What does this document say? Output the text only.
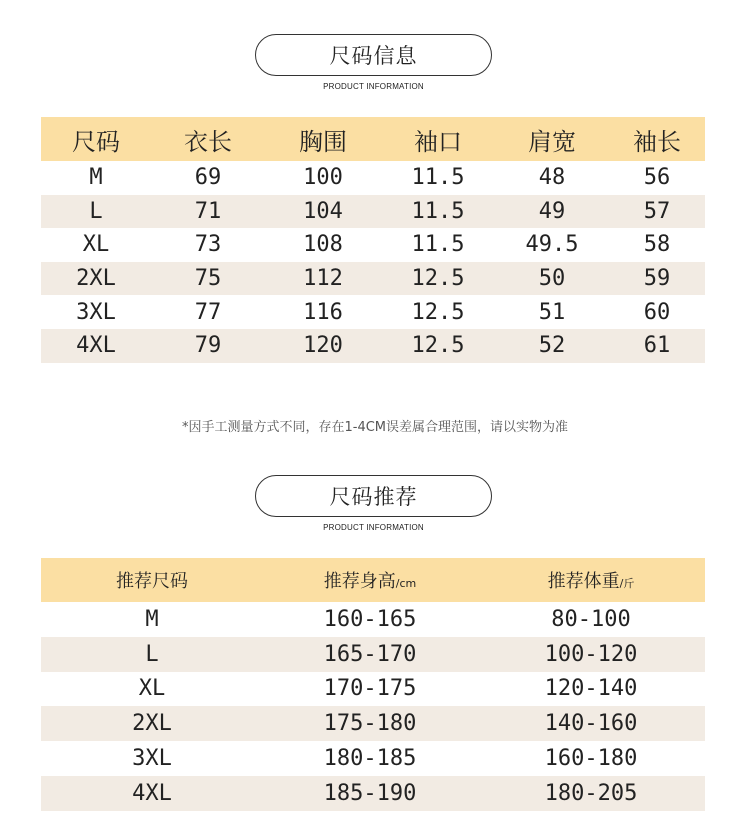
尺码信息
PRODUCT INFORMATION
尺码	衣长	胸围	袖口	肩宽	袖长
M	69	100	11.5	48	56
L	71	104	11.5	49	57
XL	73	108	11.5	49.5	58
2XL	75	112	12.5	50	59
3XL	77	116	12.5	51	60
4XL	79	120	12.5	52	61
*因手工测量方式不同，存在1-4CM误差属合理范围，请以实物为准
尺码推荐
PRODUCT INFORMATION
推荐尺码	推荐身高/cm	推荐体重/斤
M	160-165	80-100
L	165-170	100-120
XL	170-175	120-140
2XL	175-180	140-160
3XL	180-185	160-180
4XL	185-190	180-205
